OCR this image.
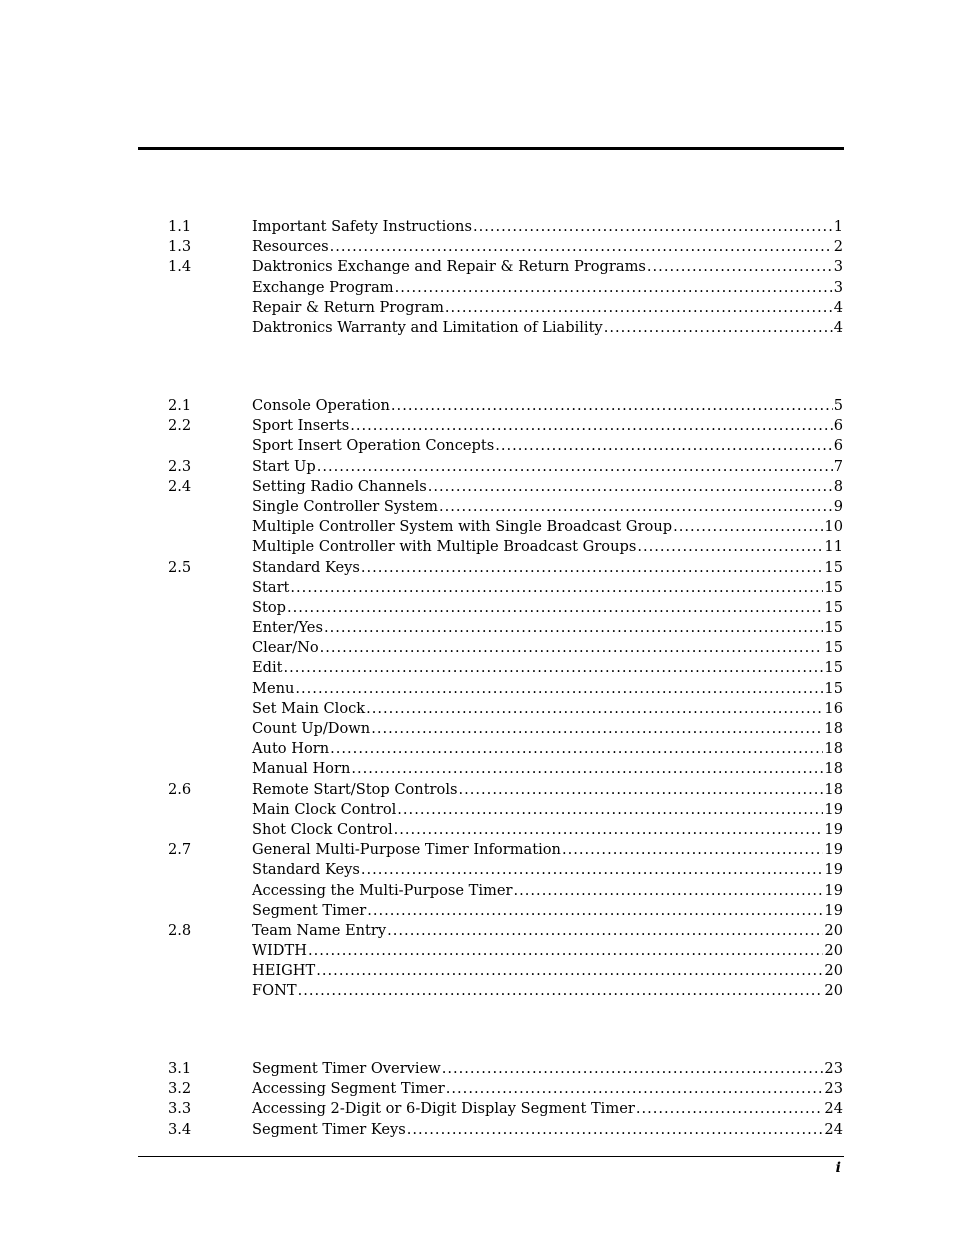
1.1	Important Safety Instructions .....	1
1.3	Resources .....	2
1.4	Daktronics Exchange and Repair & Return Programs .....	3
Exchange Program .....	3
Repair & Return Program .....	4
Daktronics Warranty and Limitation of Liability .....	4
2.1	Console Operation .....	5
2.2	Sport Inserts .....	6
Sport Insert Operation Concepts .....	6
2.3	Start Up .....	7
2.4	Setting Radio Channels .....	8
Single Controller System .....	9
Multiple Controller System with Single Broadcast Group .....	10
Multiple Controller with Multiple Broadcast Groups .....	11
2.5	Standard Keys .....	15
Start .....	15
Stop .....	15
Enter/Yes .....	15
Clear/No .....	15
Edit .....	15
Menu .....	15
Set Main Clock .....	16
Count Up/Down .....	18
Auto Horn .....	18
Manual Horn .....	18
2.6	Remote Start/Stop Controls .....	18
Main Clock Control .....	19
Shot Clock Control .....	19
2.7	General Multi-Purpose Timer Information .....	19
Standard Keys .....	19
Accessing the Multi-Purpose Timer .....	19
Segment Timer .....	19
2.8	Team Name Entry .....	20
WIDTH .....	20
HEIGHT .....	20
FONT .....	20
3.1	Segment Timer Overview .....	23
3.2	Accessing Segment Timer .....	23
3.3	Accessing 2-Digit or 6-Digit Display Segment Timer .....	24
3.4	Segment Timer Keys .....	24
i
